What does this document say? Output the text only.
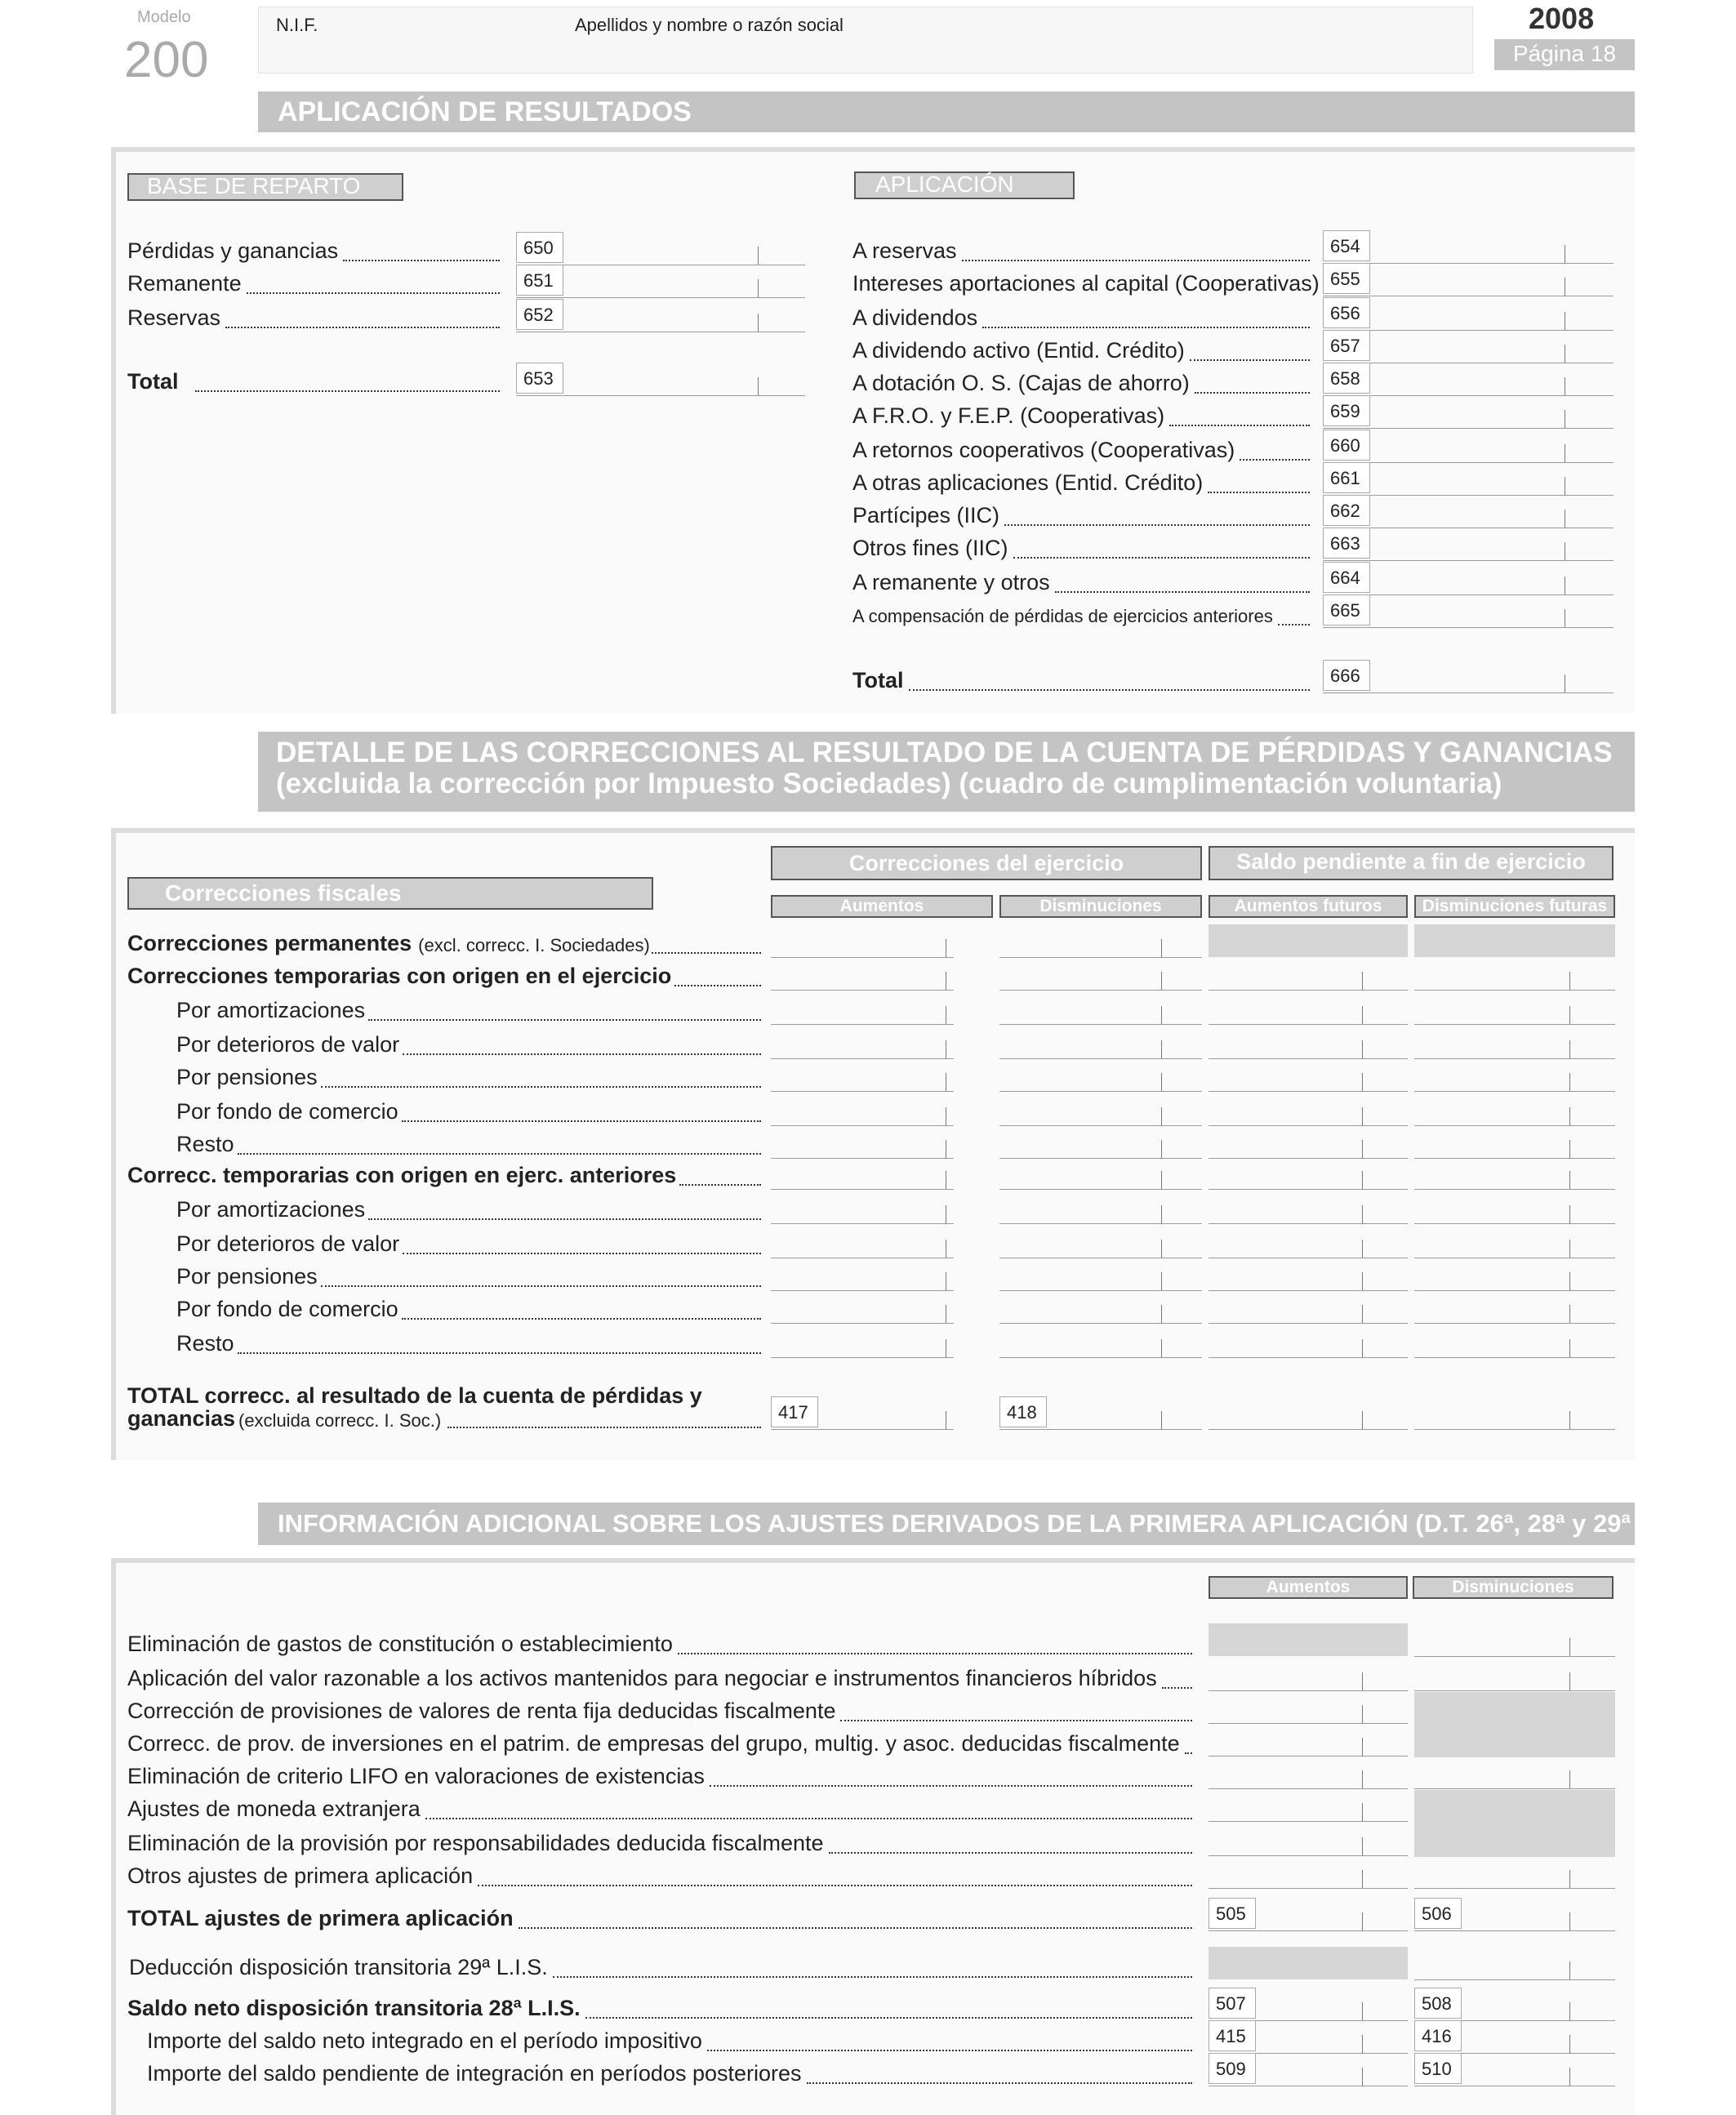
Modelo
200
N.I.F.	Apellidos y nombre o razón social	2008
Página 18
APLICACIÓN DE RESULTADOS
BASE DE REPARTO	APLICACIÓN
Pérdidas y ganancias	650
Remanente	651
Reservas	652
Total	653
A reservas	654
Intereses aportaciones al capital (Cooperativas) 655
A dividendos	656
A dividendo activo (Entid. Crédito)	657
A dotación O. S. (Cajas de ahorro)	658
A F.R.O. y F.E.P. (Cooperativas)	659
A retornos cooperativos (Cooperativas)	660
A otras aplicaciones (Entid. Crédito)	661
Partícipes (IIC)	662
Otros fines (IIC)	663
A remanente y otros	664
A compensación de pérdidas de ejercicios anteriores	665
Total	666
DETALLE DE LAS CORRECCIONES AL RESULTADO DE LA CUENTA DE PÉRDIDAS Y GANANCIAS
(excluida la corrección por Impuesto Sociedades) (cuadro de cumplimentación voluntaria)
Correcciones fiscales
Correcciones del ejercicio	Saldo pendiente a fin de ejercicio
Aumentos	Disminuciones	Aumentos futuros	Disminuciones futuras
Correcciones permanentes (excl. correcc. I. Sociedades)
Correcciones temporarias con origen en el ejercicio
Por amortizaciones
Por deterioros de valor
Por pensiones
Por fondo de comercio
Resto
Correcc. temporarias con origen en ejerc. anteriores
Por amortizaciones
Por deterioros de valor
Por pensiones
Por fondo de comercio
Resto
TOTAL correcc. al resultado de la cuenta de pérdidas y
ganancias (excluida correcc. I. Soc.)	417	418
INFORMACIÓN ADICIONAL SOBRE LOS AJUSTES DERIVADOS DE LA PRIMERA APLICACIÓN (D.T. 26ª, 28ª y 29ª L.I.S.)
Aumentos	Disminuciones
Eliminación de gastos de constitución o establecimiento
Aplicación del valor razonable a los activos mantenidos para negociar e instrumentos financieros híbridos
Corrección de provisiones de valores de renta fija deducidas fiscalmente
Correcc. de prov. de inversiones en el patrim. de empresas del grupo, multig. y asoc. deducidas fiscalmente
Eliminación de criterio LIFO en valoraciones de existencias
Ajustes de moneda extranjera
Eliminación de la provisión por responsabilidades deducida fiscalmente
Otros ajustes de primera aplicación
TOTAL ajustes de primera aplicación	505	506
Deducción disposición transitoria 29ª L.I.S.
Saldo neto disposición transitoria 28ª L.I.S.	507	508
Importe del saldo neto integrado en el período impositivo	415	416
Importe del saldo pendiente de integración en períodos posteriores	509	510
